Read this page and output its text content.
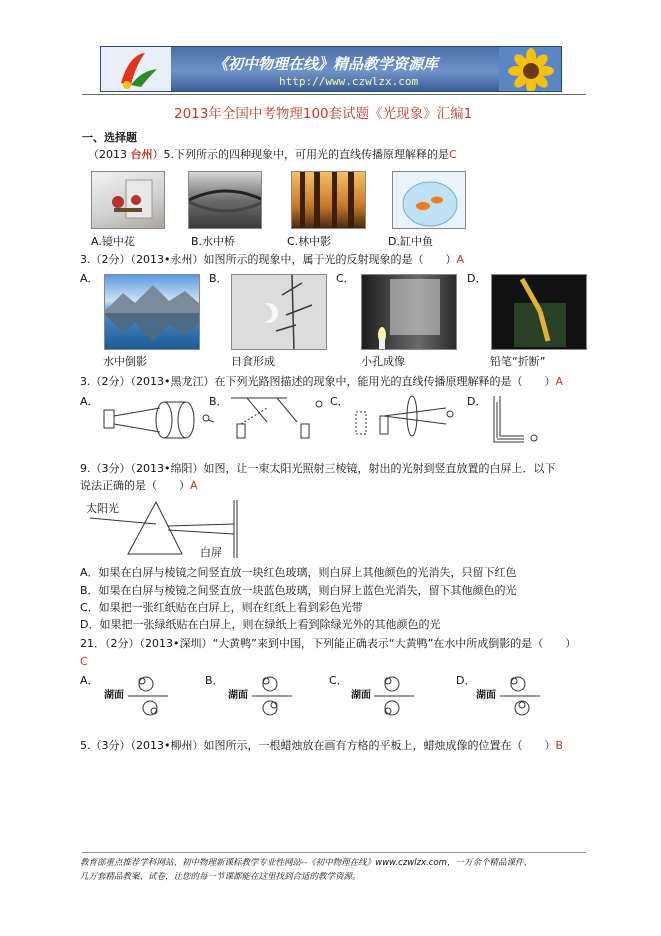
《初中物理在线》精品教学资源库
http://www.czwlzx.com
2013年全国中考物理100套试题《光现象》汇编1
一、选择题
（2013 台州）5.下列所示的四种现象中，可用光的直线传播原理解释的是C
A.镜中花	B.水中桥	C.林中影	D.缸中鱼
3.（2分）（2013•永州）如图所示的现象中，属于光的反射现象的是（　　）A
A．	B．	C．	D．
水中倒影	日食形成	小孔成像	铅笔“折断”
3.（2分）（2013•黑龙江）在下列光路图描述的现象中，能用光的直线传播原理解释的是（　　）A
A．	B．	C．	D．
9.（3分）（2013•绵阳）如图，让一束太阳光照射三棱镜，射出的光射到竖直放置的白屏上．以下
说法正确的是（　　）A
太阳光
白屏
A．如果在白屏与棱镜之间竖直放一块红色玻璃，则白屏上其他颜色的光消失，只留下红色
B．如果在白屏与棱镜之间竖直放一块蓝色玻璃，则白屏上蓝色光消失，留下其他颜色的光
C．如果把一张红纸贴在白屏上，则在红纸上看到彩色光带
D．如果把一张绿纸贴在白屏上，则在绿纸上看到除绿光外的其他颜色的光
21．（2分）（2013•深圳）“大黄鸭”来到中国，下列能正确表示“大黄鸭”在水中所成倒影的是（　　）
C
A．	B．	C．	D．
湖面	湖面	湖面	湖面
5.（3分）（2013•柳州）如图所示，一根蜡烛放在画有方格的平板上，蜡烛成像的位置在（　　）B
教育部重点推荐学科网站、初中物理新课标教学专业性网站--《初中物理在线》www.czwlzx.com，一万余个精品课件、
几万套精品教案、试卷，让您的每一节课都能在这里找到合适的教学资源。
